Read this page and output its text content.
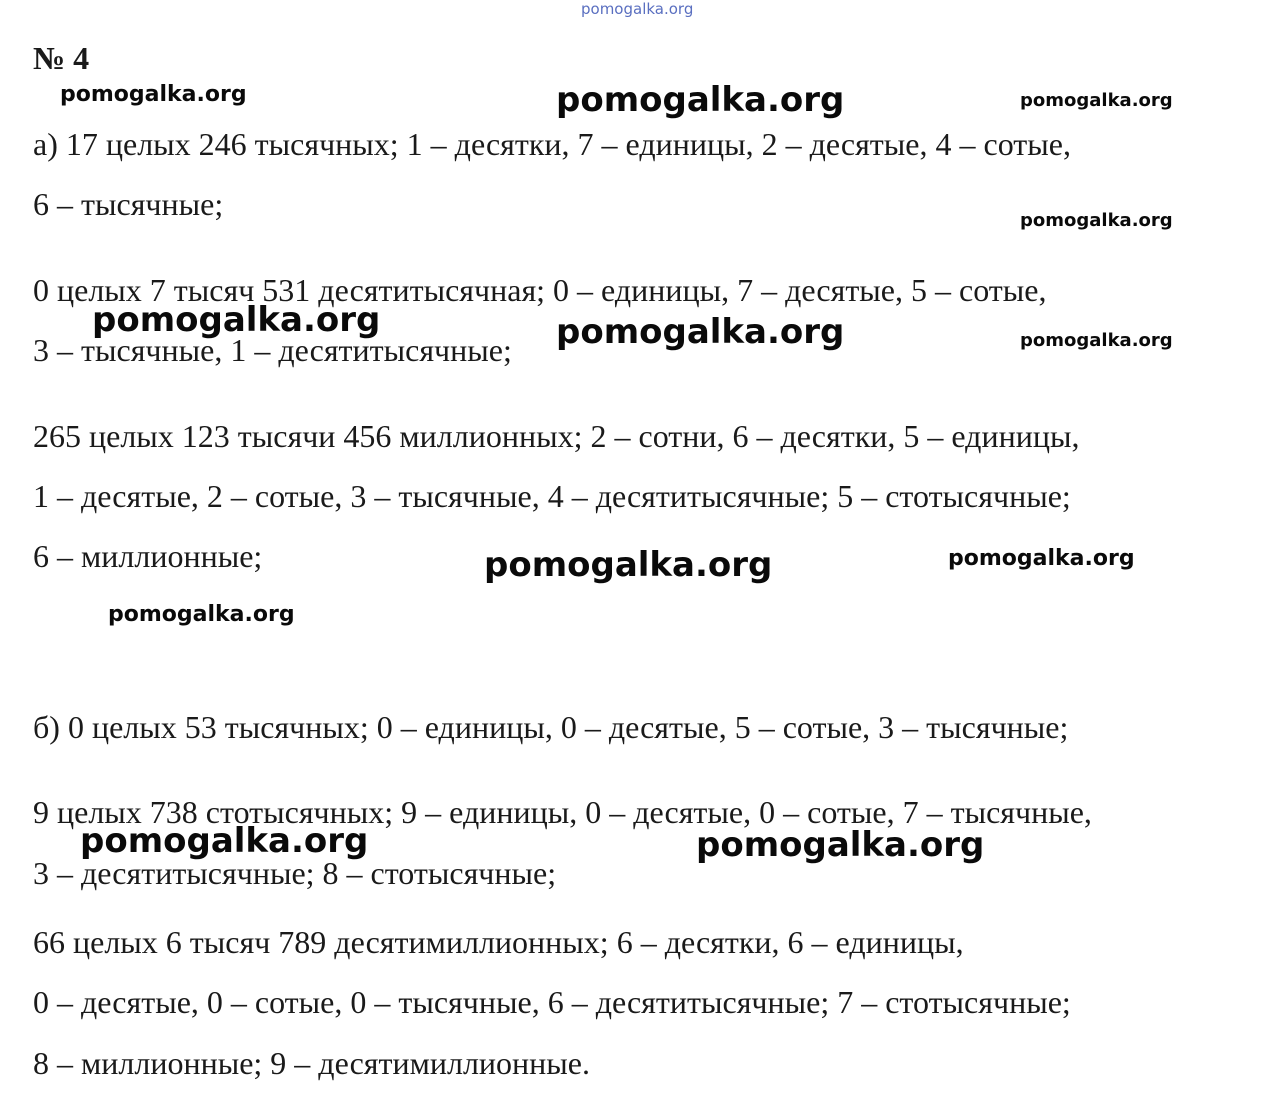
pomogalka.org
№ 4
а) 17 целых 246 тысячных; 1 – десятки, 7 – единицы, 2 – десятые, 4 – сотые,
6 – тысячные;
0 целых 7 тысяч 531 десятитысячная; 0 – единицы, 7 – десятые, 5 – сотые,
3 – тысячные, 1 – десятитысячные;
265 целых 123 тысячи 456 миллионных; 2 – сотни, 6 – десятки, 5 – единицы,
1 – десятые, 2 – сотые, 3 – тысячные, 4 – десятитысячные; 5 – стотысячные;
6 – миллионные;
б) 0 целых 53 тысячных; 0 – единицы, 0 – десятые, 5 – сотые, 3 – тысячные;
9 целых 738 стотысячных; 9 – единицы, 0 – десятые, 0 – сотые, 7 – тысячные,
3 – десятитысячные; 8 – стотысячные;
66 целых 6 тысяч 789 десятимиллионных; 6 – десятки, 6 – единицы,
0 – десятые, 0 – сотые, 0 – тысячные, 6 – десятитысячные; 7 – стотысячные;
8 – миллионные; 9 – десятимиллионные.
pomogalka.org	pomogalka.org	pomogalka.org
pomogalka.org
pomogalka.org	pomogalka.org	pomogalka.org
pomogalka.org	pomogalka.org
pomogalka.org
pomogalka.org	pomogalka.org
